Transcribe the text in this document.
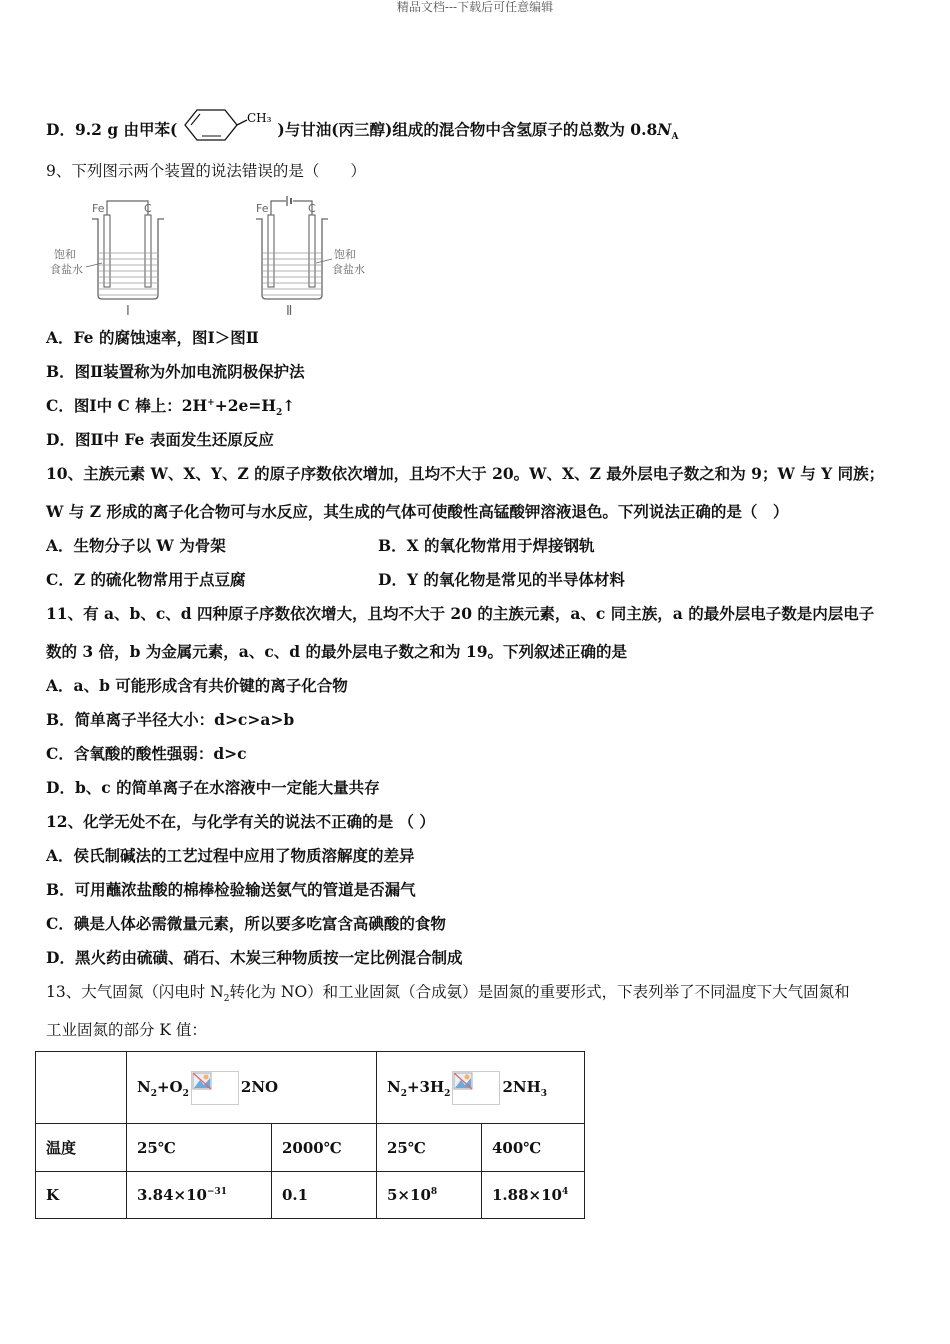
精品文档---下载后可任意编辑
D．9.2 g 由甲苯(
CH₃
)与甘油(丙三醇)组成的混合物中含氢原子的总数为 $0.8N_A$
9、下列图示两个装置的说法错误的是（　　）
Fe	C
饱和
食盐水
Ⅰ
Fe	C
饱和
食盐水
Ⅱ
A．Fe 的腐蚀速率，图Ⅰ＞图Ⅱ
B．图Ⅱ装置称为外加电流阴极保护法
C．图Ⅰ中 C 棒上：$2H^++2e=H_2↑$
D．图Ⅱ中 Fe 表面发生还原反应
10、主族元素 W、X、Y、Z 的原子序数依次增加，且均不大于 20。W、X、Z 最外层电子数之和为 9；W 与 Y 同族；
W 与 Z 形成的离子化合物可与水反应，其生成的气体可使酸性高锰酸钾溶液退色。下列说法正确的是（　）
A．生物分子以 W 为骨架	B．X 的氧化物常用于焊接钢轨
C．Z 的硫化物常用于点豆腐	D．Y 的氧化物是常见的半导体材料
11、有 a、b、c、d 四种原子序数依次增大，且均不大于 20 的主族元素，a、c 同主族，a 的最外层电子数是内层电子
数的 3 倍，b 为金属元素，a、c、d 的最外层电子数之和为 19。下列叙述正确的是
A．a、b 可能形成含有共价键的离子化合物
B．简单离子半径大小：d>c>a>b
C．含氧酸的酸性强弱：d>c
D．b、c 的简单离子在水溶液中一定能大量共存
12、化学无处不在，与化学有关的说法不正确的是 （ ）
A．侯氏制碱法的工艺过程中应用了物质溶解度的差异
B．可用蘸浓盐酸的棉棒检验输送氨气的管道是否漏气
C．碘是人体必需微量元素，所以要多吃富含高碘酸的食物
D．黑火药由硫磺、硝石、木炭三种物质按一定比例混合制成
13、大气固氮（闪电时 $N_2$转化为 NO）和工业固氮（合成氨）是固氮的重要形式，下表列举了不同温度下大气固氮和
工业固氮的部分 K 值：
	$N_2+O_2$ 2NO		$N_2+3H_2$ $2NH_3$
温度	25℃	2000℃	25℃	400℃
K	$3.84\times 10^{-31}$	0.1	$5\times 10^8$	$1.88\times 10^4$
